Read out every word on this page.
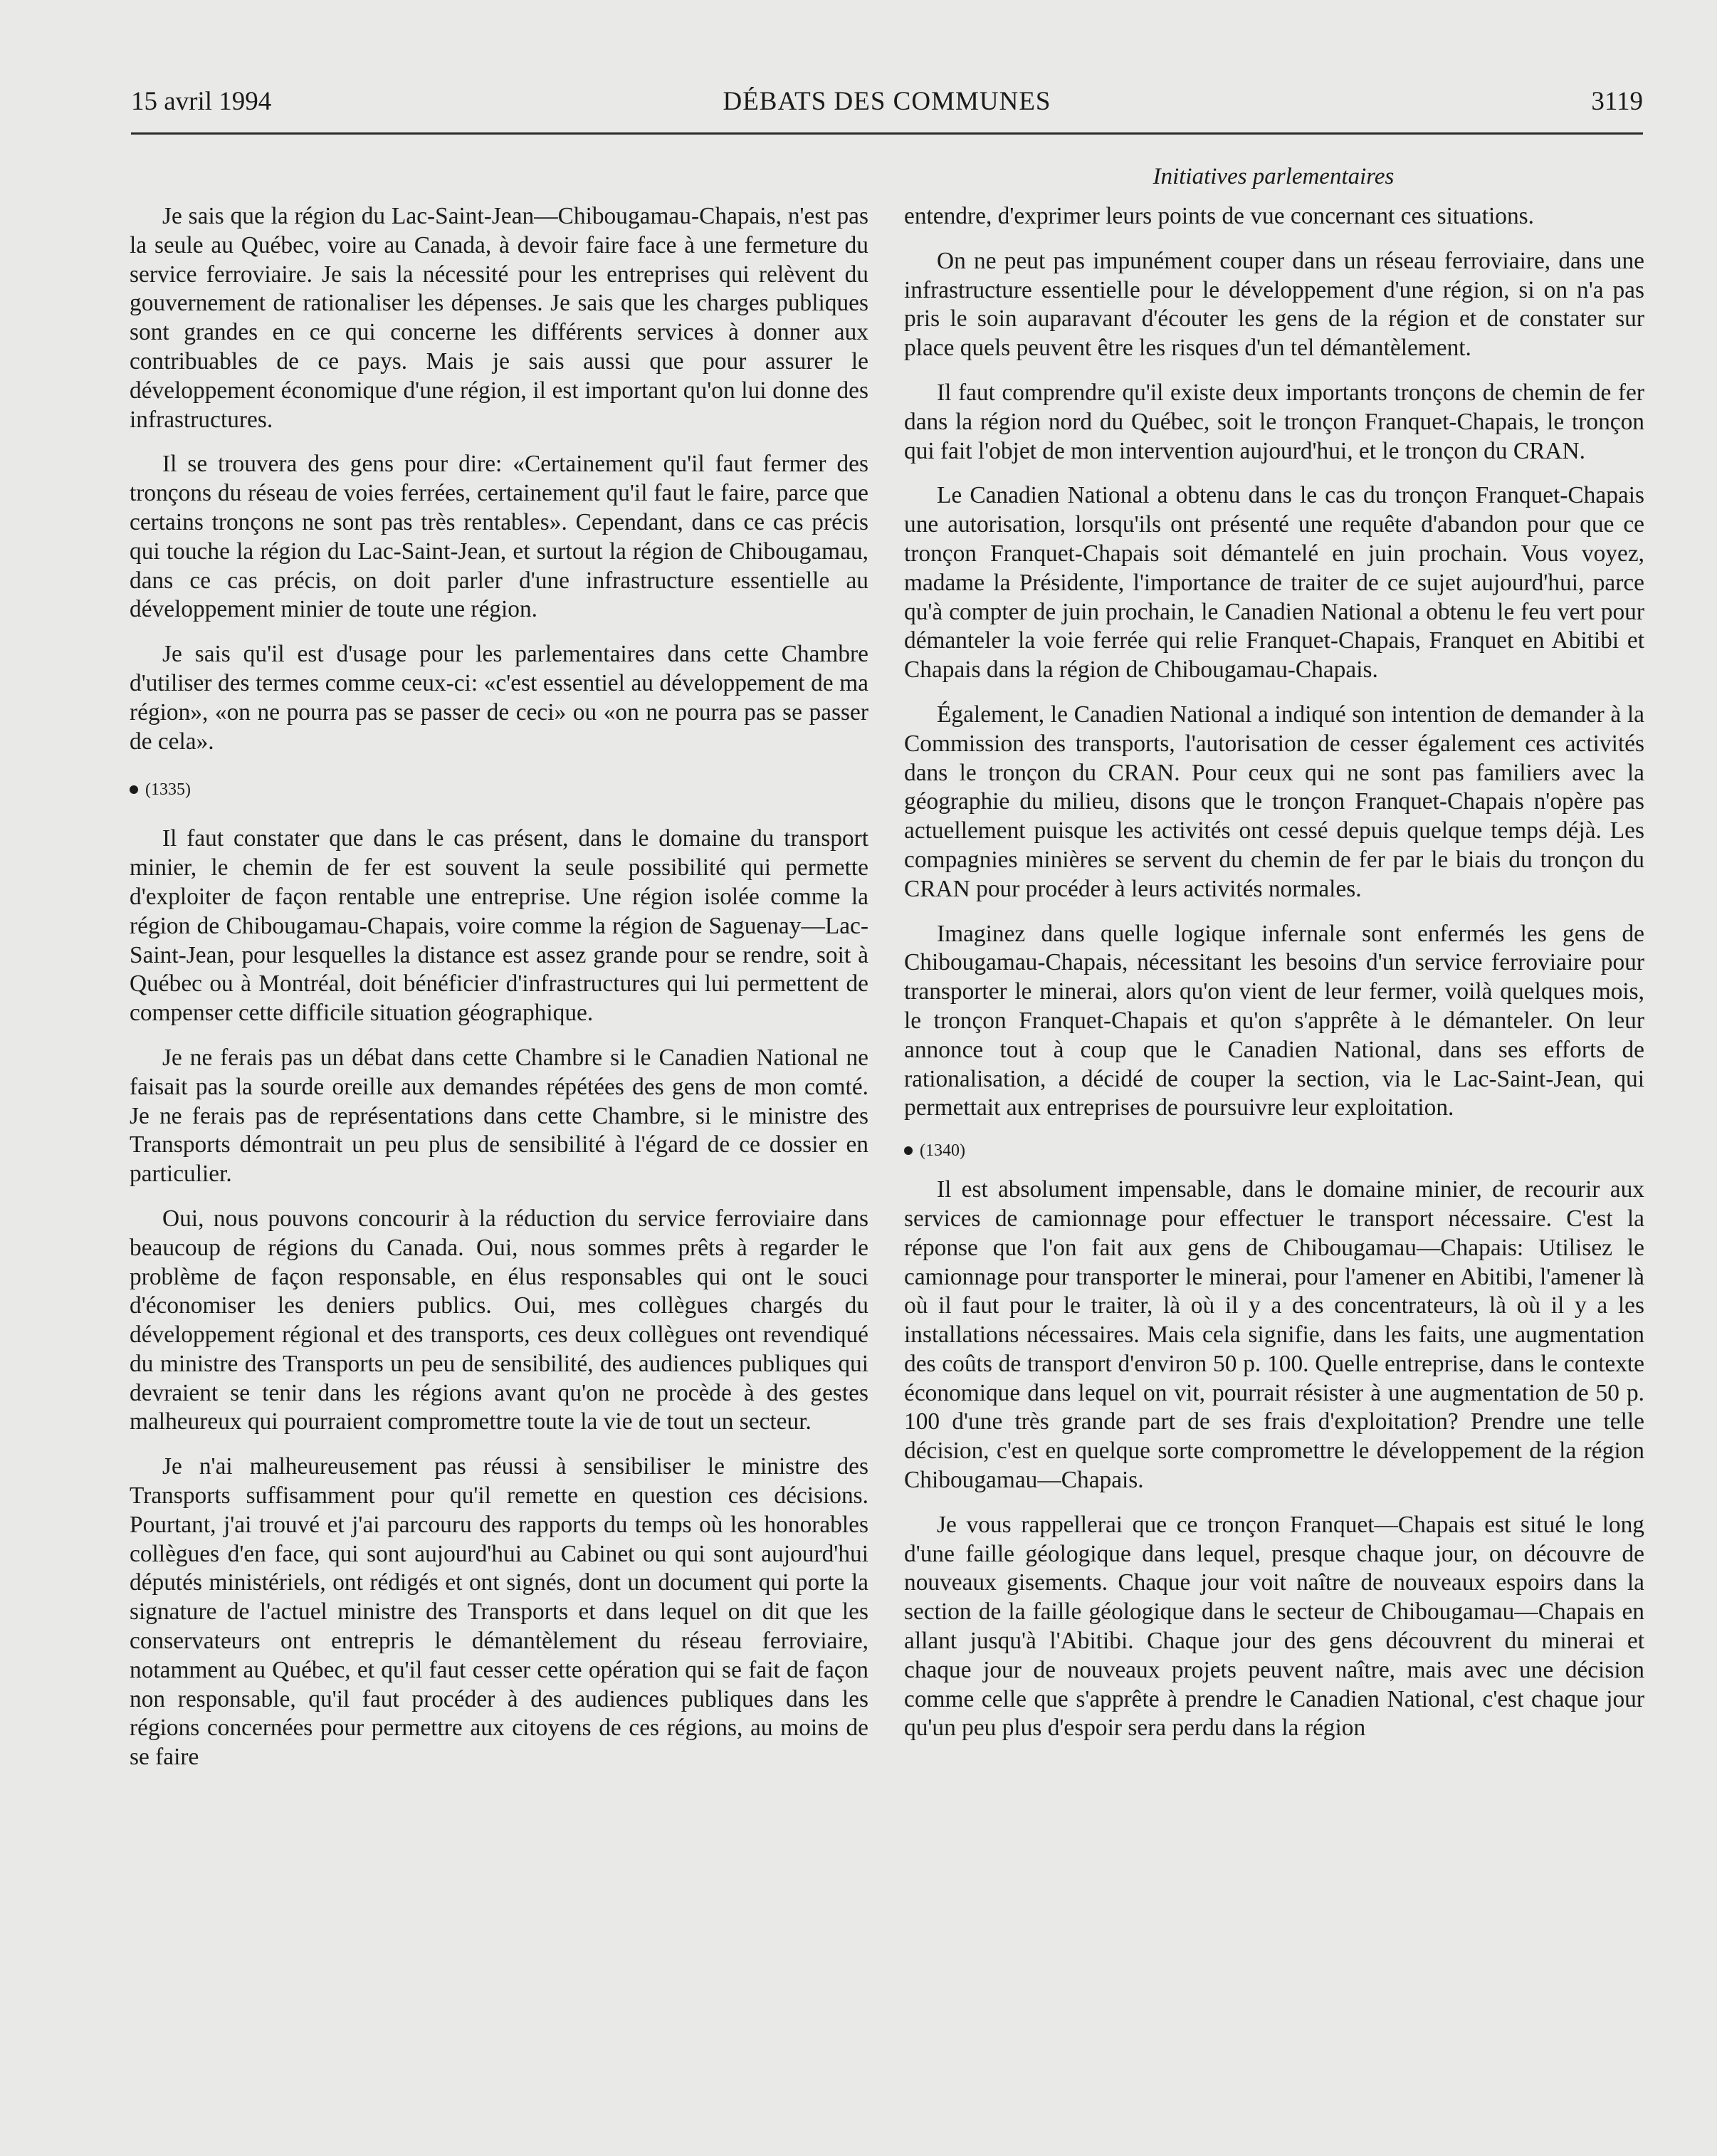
15 avril 1994	DÉBATS DES COMMUNES	3119
Initiatives parlementaires

Je sais que la région du Lac-Saint-Jean—Chibougamau-Chapais, n'est pas la seule au Québec, voire au Canada, à devoir faire face à une fermeture du service ferroviaire. Je sais la nécessité pour les entreprises qui relèvent du gouvernement de rationaliser les dépenses. Je sais que les charges publiques sont grandes en ce qui concerne les différents services à donner aux contribuables de ce pays. Mais je sais aussi que pour assurer le développement économique d'une région, il est important qu'on lui donne des infrastructures.

Il se trouvera des gens pour dire: «Certainement qu'il faut fermer des tronçons du réseau de voies ferrées, certainement qu'il faut le faire, parce que certains tronçons ne sont pas très rentables». Cependant, dans ce cas précis qui touche la région du Lac-Saint-Jean, et surtout la région de Chibougamau, dans ce cas précis, on doit parler d'une infrastructure essentielle au développement minier de toute une région.

Je sais qu'il est d'usage pour les parlementaires dans cette Chambre d'utiliser des termes comme ceux-ci: «c'est essentiel au développement de ma région», «on ne pourra pas se passer de ceci» ou «on ne pourra pas se passer de cela».

(1335)

Il faut constater que dans le cas présent, dans le domaine du transport minier, le chemin de fer est souvent la seule possibilité qui permette d'exploiter de façon rentable une entreprise. Une région isolée comme la région de Chibougamau-Chapais, voire comme la région de Saguenay—Lac-Saint-Jean, pour lesquelles la distance est assez grande pour se rendre, soit à Québec ou à Montréal, doit bénéficier d'infrastructures qui lui permettent de compenser cette difficile situation géographique.

Je ne ferais pas un débat dans cette Chambre si le Canadien National ne faisait pas la sourde oreille aux demandes répétées des gens de mon comté. Je ne ferais pas de représentations dans cette Chambre, si le ministre des Transports démontrait un peu plus de sensibilité à l'égard de ce dossier en particulier.

Oui, nous pouvons concourir à la réduction du service ferroviaire dans beaucoup de régions du Canada. Oui, nous sommes prêts à regarder le problème de façon responsable, en élus responsables qui ont le souci d'économiser les deniers publics. Oui, mes collègues chargés du développement régional et des transports, ces deux collègues ont revendiqué du ministre des Transports un peu de sensibilité, des audiences publiques qui devraient se tenir dans les régions avant qu'on ne procède à des gestes malheureux qui pourraient compromettre toute la vie de tout un secteur.

Je n'ai malheureusement pas réussi à sensibiliser le ministre des Transports suffisamment pour qu'il remette en question ces décisions. Pourtant, j'ai trouvé et j'ai parcouru des rapports du temps où les honorables collègues d'en face, qui sont aujourd'hui au Cabinet ou qui sont aujourd'hui députés ministériels, ont rédigés et ont signés, dont un document qui porte la signature de l'actuel ministre des Transports et dans lequel on dit que les conservateurs ont entrepris le démantèlement du réseau ferroviaire, notamment au Québec, et qu'il faut cesser cette opération qui se fait de façon non responsable, qu'il faut procéder à des audiences publiques dans les régions concernées pour permettre aux citoyens de ces régions, au moins de se faire

entendre, d'exprimer leurs points de vue concernant ces situations.

On ne peut pas impunément couper dans un réseau ferroviaire, dans une infrastructure essentielle pour le développement d'une région, si on n'a pas pris le soin auparavant d'écouter les gens de la région et de constater sur place quels peuvent être les risques d'un tel démantèlement.

Il faut comprendre qu'il existe deux importants tronçons de chemin de fer dans la région nord du Québec, soit le tronçon Franquet-Chapais, le tronçon qui fait l'objet de mon intervention aujourd'hui, et le tronçon du CRAN.

Le Canadien National a obtenu dans le cas du tronçon Franquet-Chapais une autorisation, lorsqu'ils ont présenté une requête d'abandon pour que ce tronçon Franquet-Chapais soit démantelé en juin prochain. Vous voyez, madame la Présidente, l'importance de traiter de ce sujet aujourd'hui, parce qu'à compter de juin prochain, le Canadien National a obtenu le feu vert pour démanteler la voie ferrée qui relie Franquet-Chapais, Franquet en Abitibi et Chapais dans la région de Chibougamau-Chapais.

Également, le Canadien National a indiqué son intention de demander à la Commission des transports, l'autorisation de cesser également ces activités dans le tronçon du CRAN. Pour ceux qui ne sont pas familiers avec la géographie du milieu, disons que le tronçon Franquet-Chapais n'opère pas actuellement puisque les activités ont cessé depuis quelque temps déjà. Les compagnies minières se servent du chemin de fer par le biais du tronçon du CRAN pour procéder à leurs activités normales.

Imaginez dans quelle logique infernale sont enfermés les gens de Chibougamau-Chapais, nécessitant les besoins d'un service ferroviaire pour transporter le minerai, alors qu'on vient de leur fermer, voilà quelques mois, le tronçon Franquet-Chapais et qu'on s'apprête à le démanteler. On leur annonce tout à coup que le Canadien National, dans ses efforts de rationalisation, a décidé de couper la section, via le Lac-Saint-Jean, qui permettait aux entreprises de poursuivre leur exploitation.

(1340)

Il est absolument impensable, dans le domaine minier, de recourir aux services de camionnage pour effectuer le transport nécessaire. C'est la réponse que l'on fait aux gens de Chibougamau—Chapais: Utilisez le camionnage pour transporter le minerai, pour l'amener en Abitibi, l'amener là où il faut pour le traiter, là où il y a des concentrateurs, là où il y a les installations nécessaires. Mais cela signifie, dans les faits, une augmentation des coûts de transport d'environ 50 p. 100. Quelle entreprise, dans le contexte économique dans lequel on vit, pourrait résister à une augmentation de 50 p. 100 d'une très grande part de ses frais d'exploitation? Prendre une telle décision, c'est en quelque sorte compromettre le développement de la région Chibougamau—Chapais.

Je vous rappellerai que ce tronçon Franquet—Chapais est situé le long d'une faille géologique dans lequel, presque chaque jour, on découvre de nouveaux gisements. Chaque jour voit naître de nouveaux espoirs dans la section de la faille géologique dans le secteur de Chibougamau—Chapais en allant jusqu'à l'Abitibi. Chaque jour des gens découvrent du minerai et chaque jour de nouveaux projets peuvent naître, mais avec une décision comme celle que s'apprête à prendre le Canadien National, c'est chaque jour qu'un peu plus d'espoir sera perdu dans la région
